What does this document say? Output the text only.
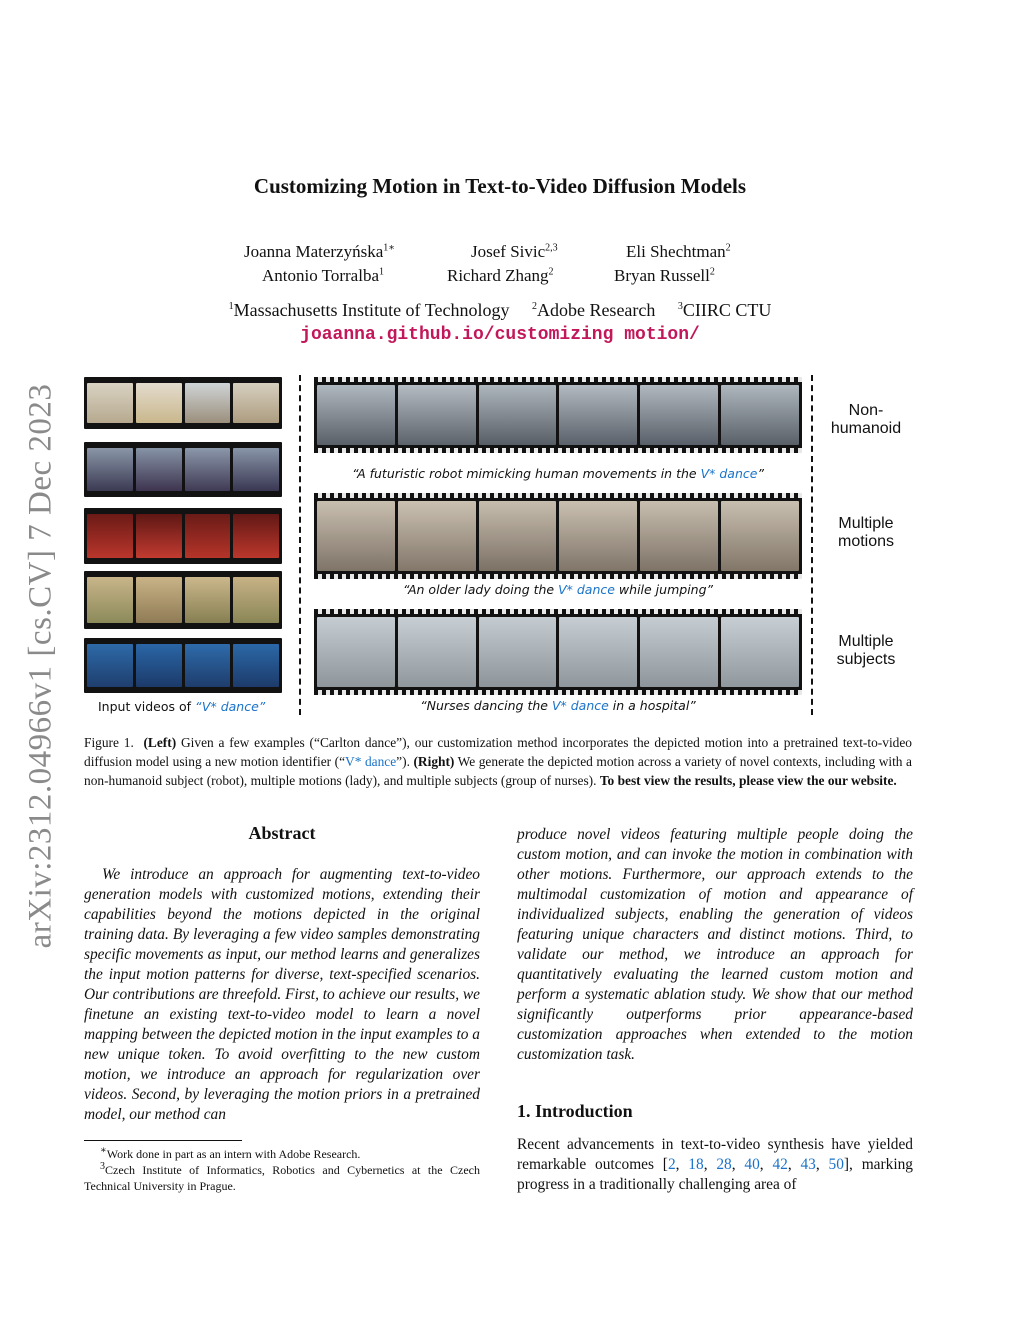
arXiv:2312.04966v1 [cs.CV] 7 Dec 2023
Customizing Motion in Text-to-Video Diffusion Models
Joanna Materzyńska$^{1∗}$	Josef Sivic$^{2,3}$	Eli Shechtman$^2$
Antonio Torralba$^1$	Richard Zhang$^2$	Bryan Russell$^2$
$^1$Massachusetts Institute of Technology $^2$Adobe Research $^3$CIIRC CTU
joaanna.github.io/customizing motion/
Input videos of “V* dance”
“A futuristic robot mimicking human movements in the V* dance”
“An older lady doing the V* dance while jumping”
“Nurses dancing the V* dance in a hospital”
Non-
humanoid
Multiple
motions
Multiple
subjects
Figure 1. (Left) Given a few examples (“Carlton dance”), our customization method incorporates the depicted motion into a pretrained text-to-video diffusion model using a new motion identifier (“V* dance”). (Right) We generate the depicted motion across a variety of novel contexts, including with a non-humanoid subject (robot), multiple motions (lady), and multiple subjects (group of nurses). To best view the results, please view the our website.
Abstract
We introduce an approach for augmenting text-to-video generation models with customized motions, extending their capabilities beyond the motions depicted in the original training data. By leveraging a few video samples demonstrating specific movements as input, our method learns and generalizes the input motion patterns for diverse, text-specified scenarios. Our contributions are threefold. First, to achieve our results, we finetune an existing text-to-video model to learn a novel mapping between the depicted motion in the input examples to a new unique token. To avoid overfitting to the new custom motion, we introduce an approach for regularization over videos. Second, by leveraging the motion priors in a pretrained model, our method can
produce novel videos featuring multiple people doing the custom motion, and can invoke the motion in combination with other motions. Furthermore, our approach extends to the multimodal customization of motion and appearance of individualized subjects, enabling the generation of videos featuring unique characters and distinct motions. Third, to validate our method, we introduce an approach for quantitatively evaluating the learned custom motion and perform a systematic ablation study. We show that our method significantly outperforms prior appearance-based customization approaches when extended to the motion customization task.
1. Introduction
Recent advancements in text-to-video synthesis have yielded remarkable outcomes [2, 18, 28, 40, 42, 43, 50], marking progress in a traditionally challenging area of
∗Work done in part as an intern with Adobe Research.
$^3$Czech Institute of Informatics, Robotics and Cybernetics at the Czech Technical University in Prague.
